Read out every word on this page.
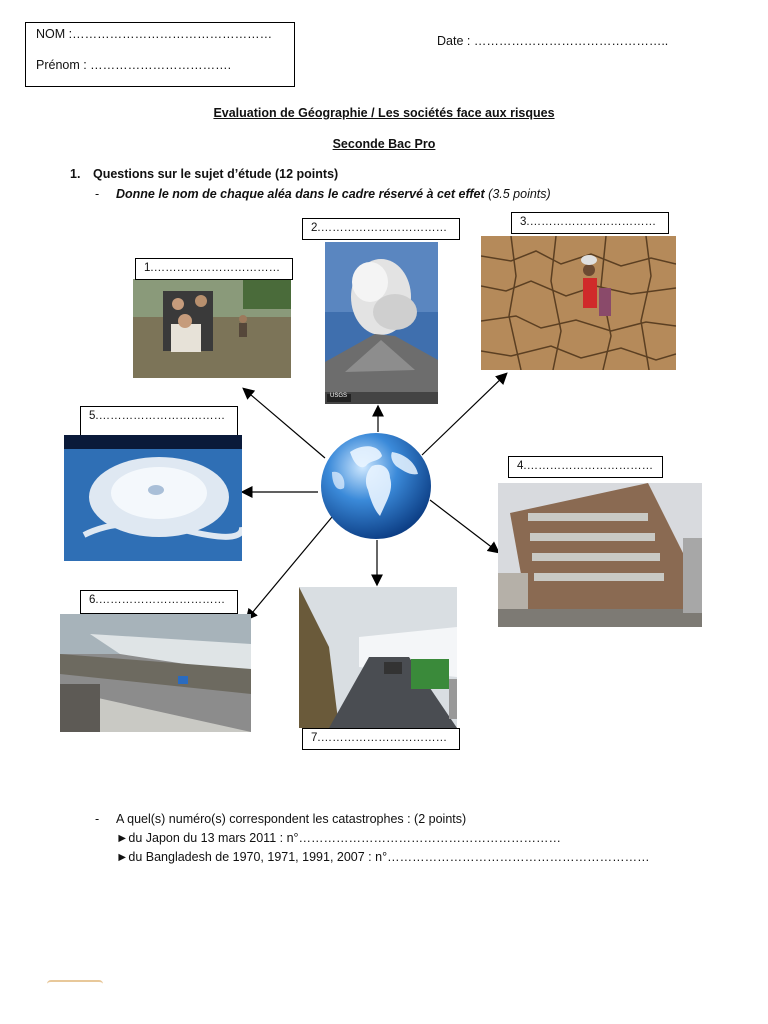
NOM :…………………………………………
Prénom : …………………………….
Date : ………………………………………..
Evaluation de Géographie / Les sociétés face aux risques
Seconde Bac Pro
1. Questions sur le sujet d’étude (12 points)
- Donne le nom de chaque aléa dans le cadre réservé à cet effet (3.5 points)
1.……………………………
2.……………………………
USGS
3.……………………………
4.……………………………
5.……………………………
6.……………………………
7.……………………………
- A quel(s) numéro(s) correspondent les catastrophes : (2 points)
►du Japon du 13 mars 2011 : n°………………………………………………………
►du Bangladesh de 1970, 1971, 1991, 2007 : n°………………………………………………………
